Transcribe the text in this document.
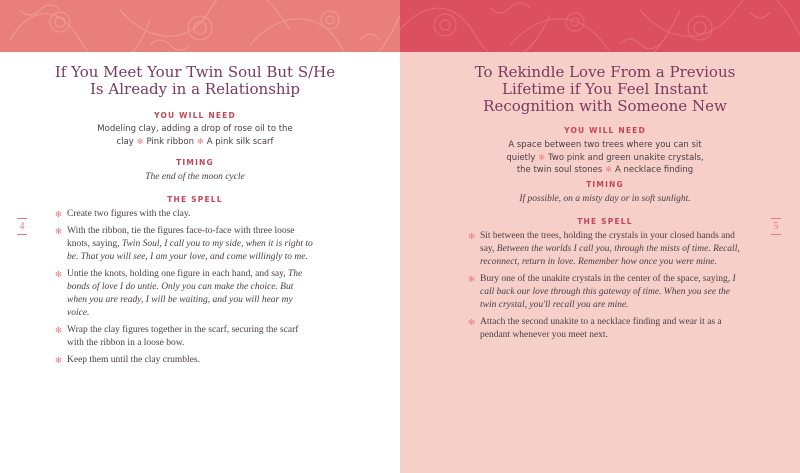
If You Meet Your Twin Soul But S/He
Is Already in a Relationship

YOU WILL NEED

Modeling clay, adding a drop of rose oil to the
clay ✻ Pink ribbon ✻ A pink silk scarf

TIMING

The end of the moon cycle

THE SPELL

✻ Create two figures with the clay.
✻ With the ribbon, tie the figures face-to-face with three loose knots, saying, Twin Soul, I call you to my side, when it is right to be. That you will see, I am your love, and come willingly to me.
✻ Untie the knots, holding one figure in each hand, and say, The bonds of love I do untie. Only you can make the choice. But when you are ready, I will be waiting, and you will hear my voice.
✻ Wrap the clay figures together in the scarf, securing the scarf with the ribbon in a loose bow.
✻ Keep them until the clay crumbles.
4
To Rekindle Love From a Previous
Lifetime if You Feel Instant
Recognition with Someone New

YOU WILL NEED

A space between two trees where you can sit
quietly ✻ Two pink and green unakite crystals,
the twin soul stones ✻ A necklace finding

TIMING

If possible, on a misty day or in soft sunlight.

THE SPELL

✻ Sit between the trees, holding the crystals in your closed hands and say, Between the worlds I call you, through the mists of time. Recall, reconnect, return in love. Remember how once you were mine.
✻ Bury one of the unakite crystals in the center of the space, saying, I call back our love through this gateway of time. When you see the twin crystal, you'll recall you are mine.
✻ Attach the second unakite to a necklace finding and wear it as a pendant whenever you meet next.
5
